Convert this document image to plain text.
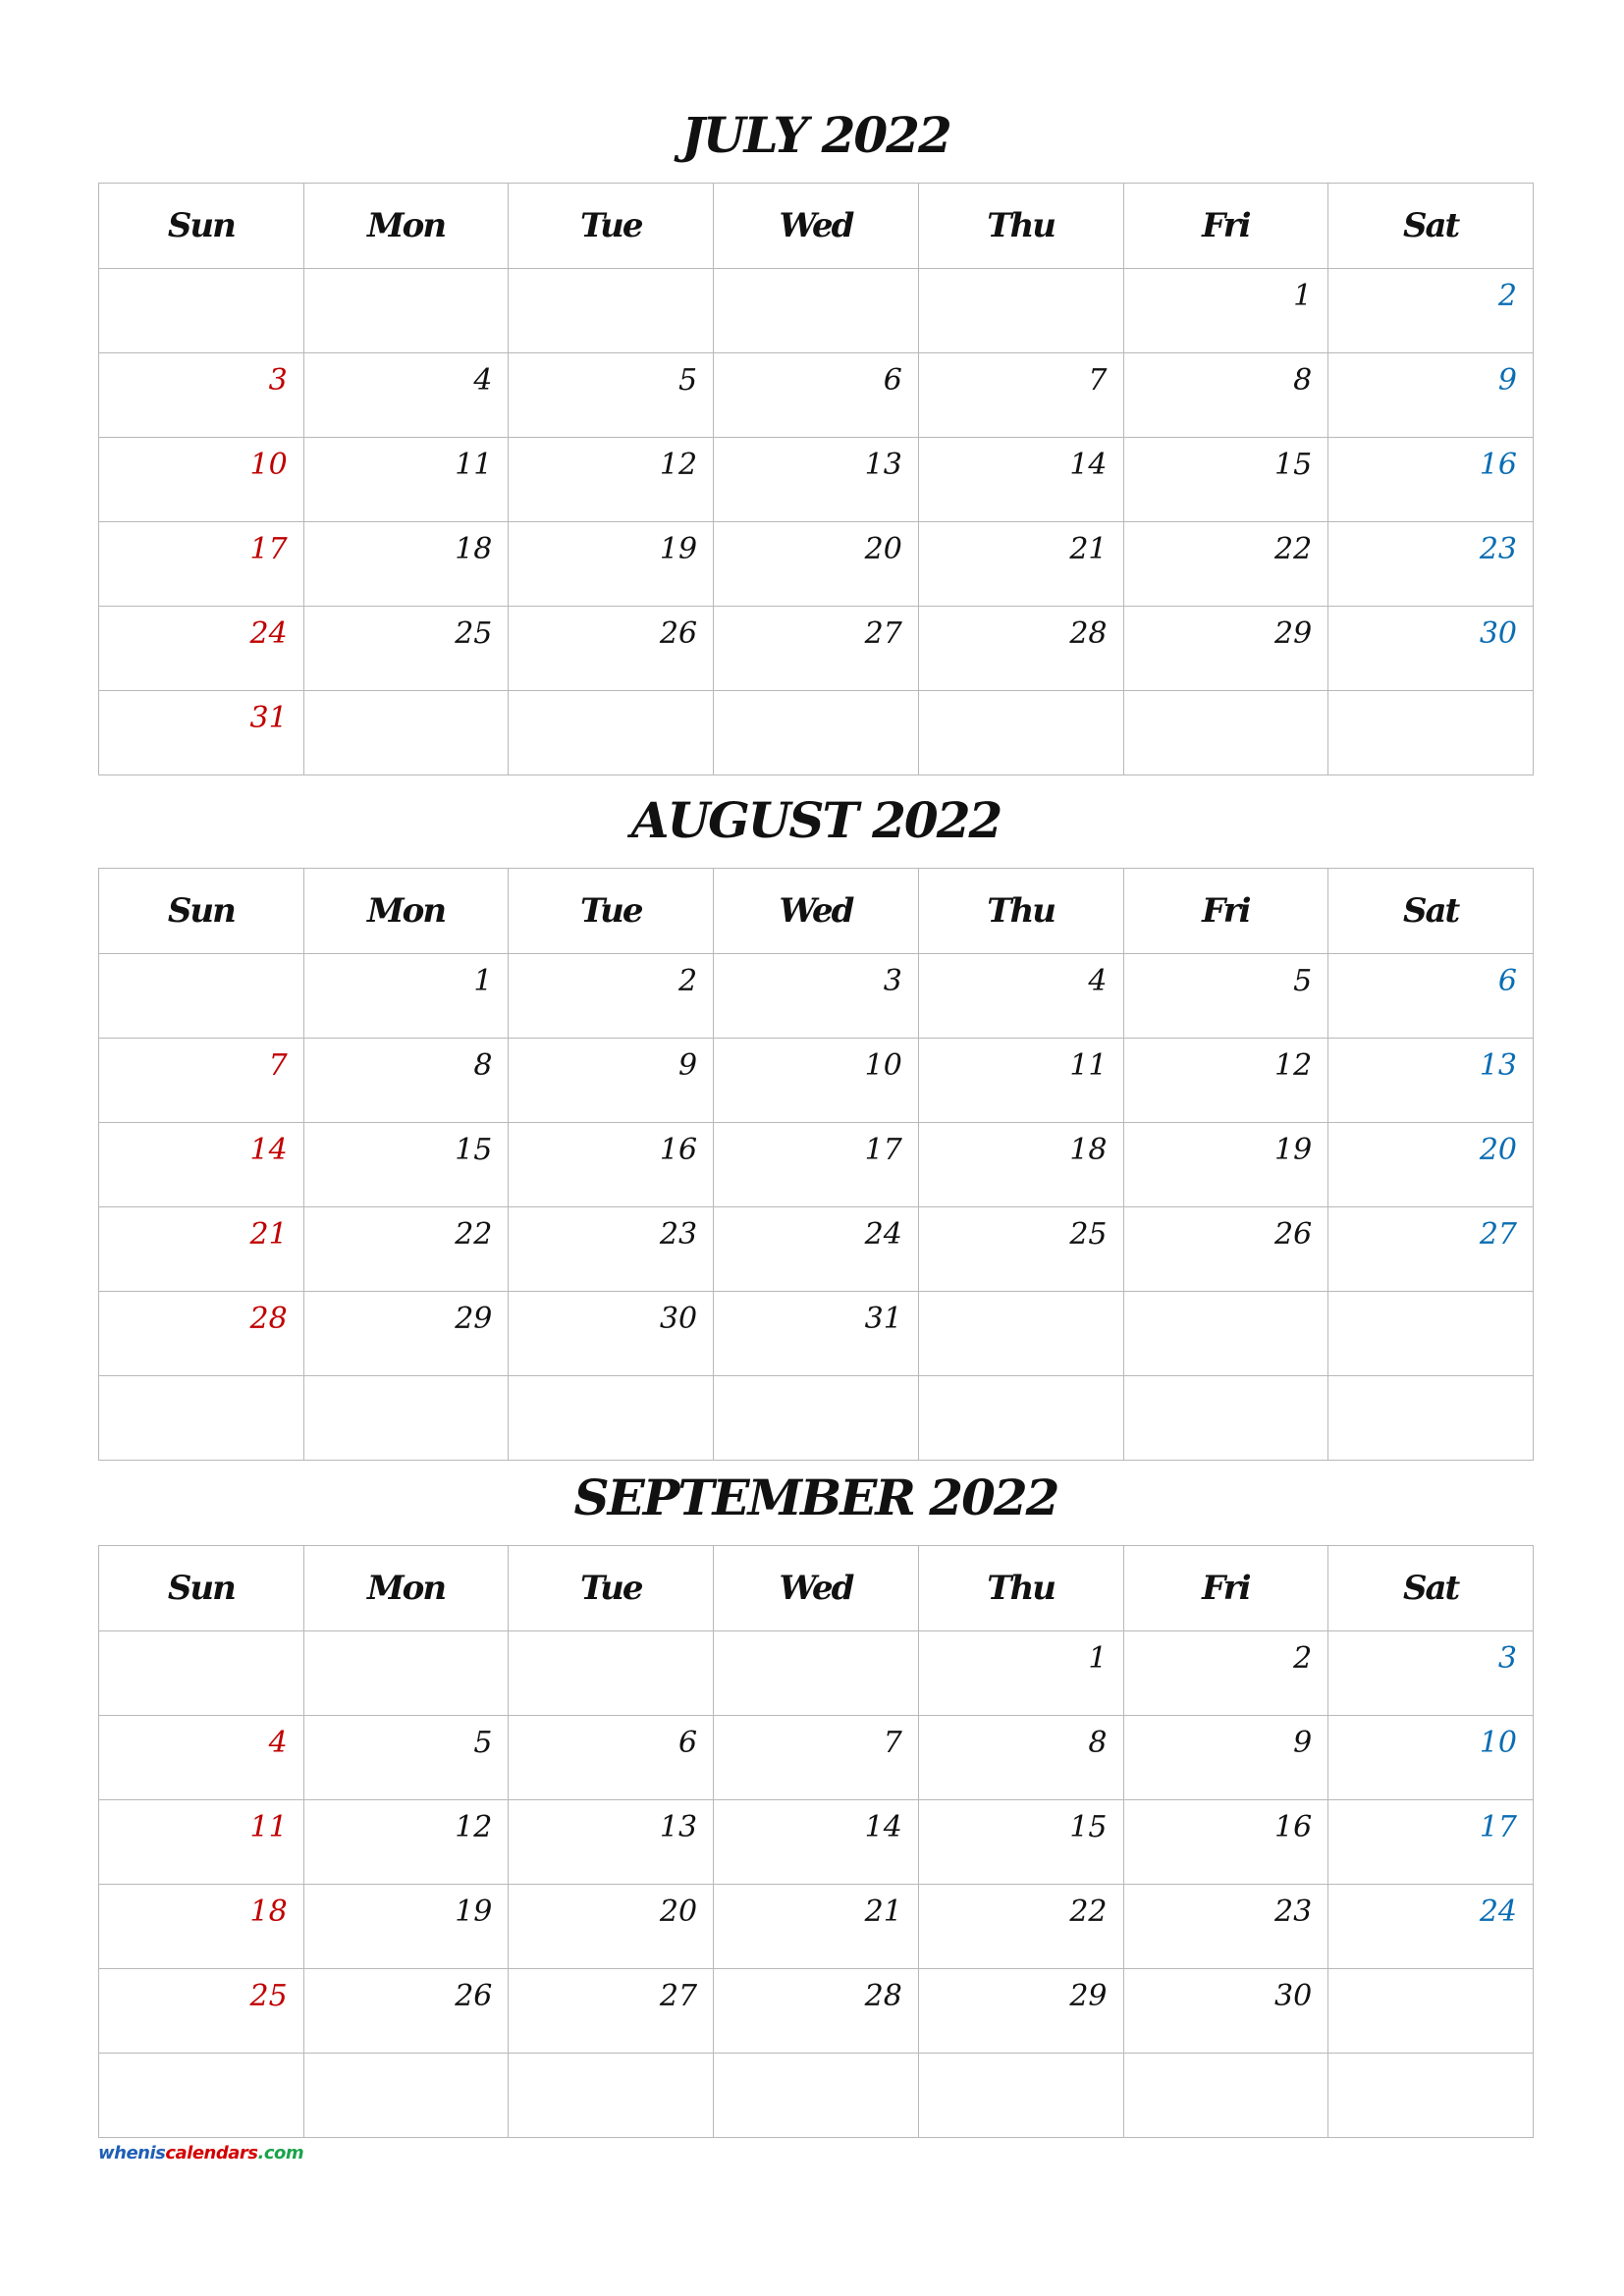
JULY 2022
Sun	Mon	Tue	Wed	Thu	Fri	Sat
					1	2
3	4	5	6	7	8	9
10	11	12	13	14	15	16
17	18	19	20	21	22	23
24	25	26	27	28	29	30
31						
AUGUST 2022
Sun	Mon	Tue	Wed	Thu	Fri	Sat
	1	2	3	4	5	6
7	8	9	10	11	12	13
14	15	16	17	18	19	20
21	22	23	24	25	26	27
28	29	30	31			

SEPTEMBER 2022
Sun	Mon	Tue	Wed	Thu	Fri	Sat
				1	2	3
4	5	6	7	8	9	10
11	12	13	14	15	16	17
18	19	20	21	22	23	24
25	26	27	28	29	30	

wheniscalendars.com
